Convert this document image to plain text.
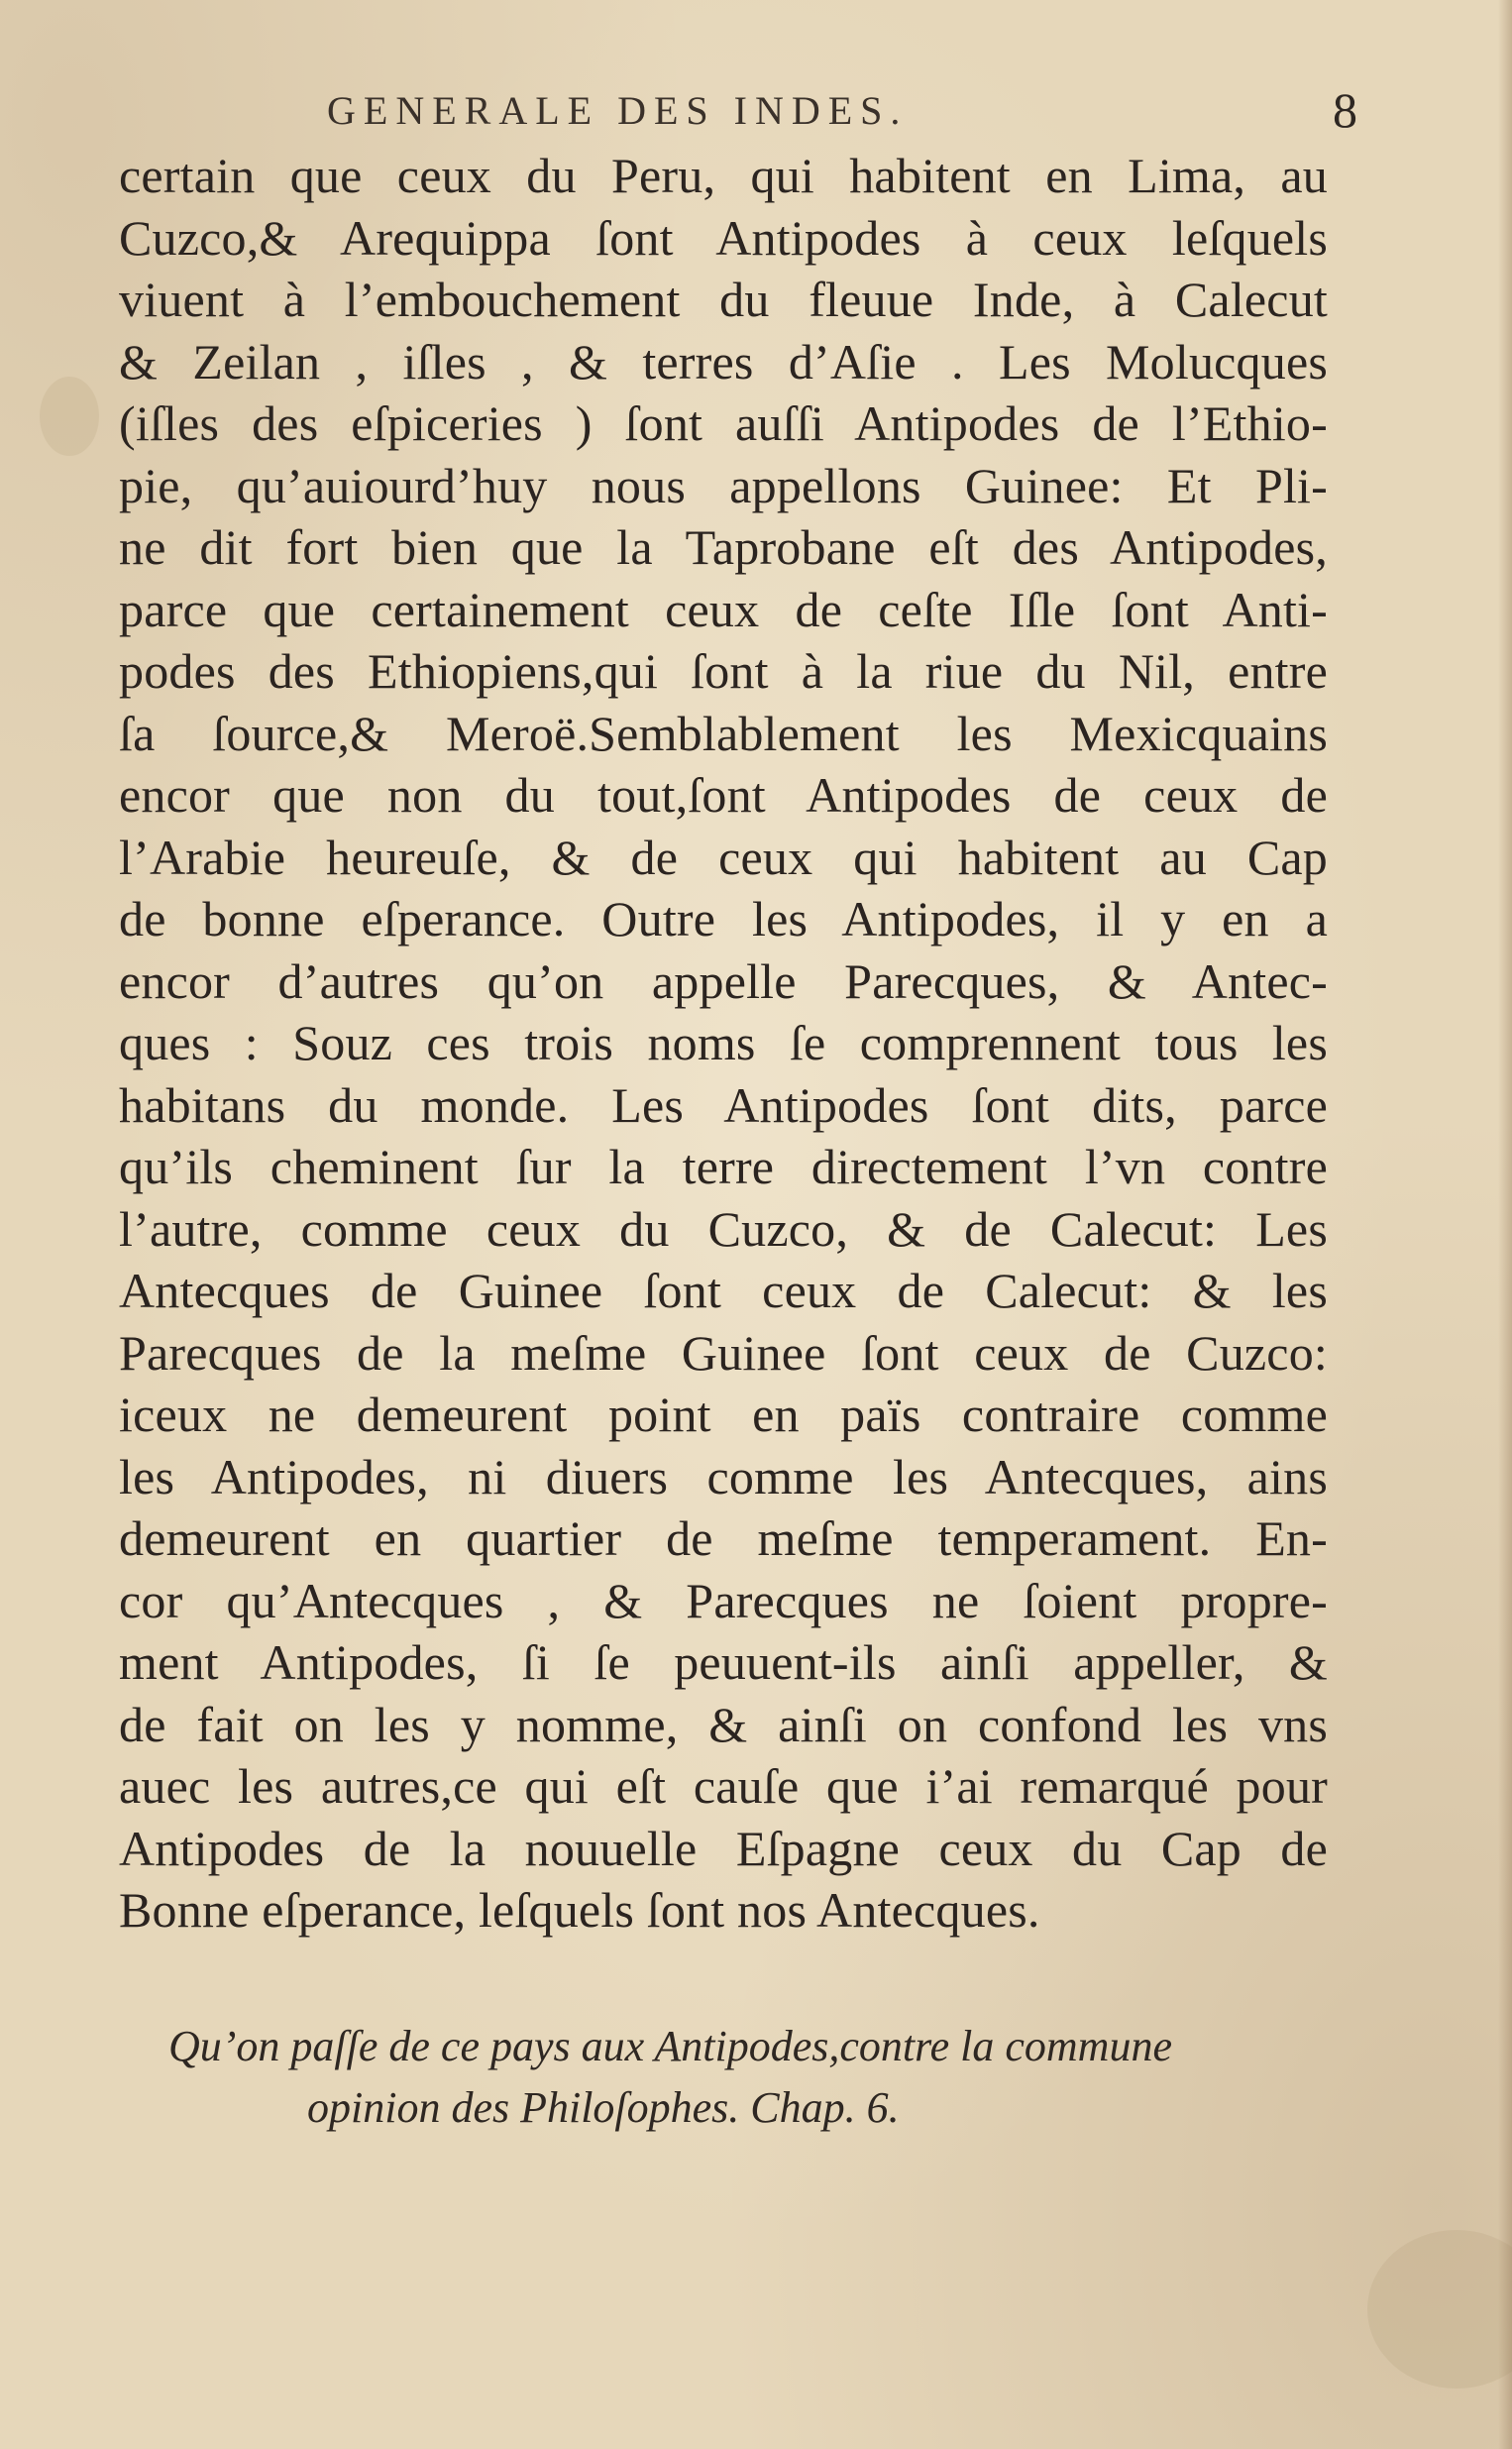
GENERALE DES INDES.	8
certain que ceux du Peru, qui habitent en Lima, au
Cuzco,& Arequippa ſont Antipodes à ceux leſquels
viuent à l’embouchement du fleuue Inde, à Calecut
& Zeilan , iſles , & terres d’Aſie . Les Molucques
(iſles des eſpiceries ) ſont auſſi Antipodes de l’Ethio-
pie, qu’auiourd’huy nous appellons Guinee: Et Pli-
ne dit fort bien que la Taprobane eſt des Antipodes,
parce que certainement ceux de ceſte Iſle ſont Anti-
podes des Ethiopiens,qui ſont à la riue du Nil, entre
ſa ſource,& Meroë.Semblablement les Mexicquains
encor que non du tout,ſont Antipodes de ceux de
l’Arabie heureuſe, & de ceux qui habitent au Cap
de bonne eſperance. Outre les Antipodes, il y en a
encor d’autres qu’on appelle Parecques, & Antec-
ques : Souz ces trois noms ſe comprennent tous les
habitans du monde. Les Antipodes ſont dits, parce
qu’ils cheminent ſur la terre directement l’vn contre
l’autre, comme ceux du Cuzco, & de Calecut: Les
Antecques de Guinee ſont ceux de Calecut: & les
Parecques de la meſme Guinee ſont ceux de Cuzco:
iceux ne demeurent point en païs contraire comme
les Antipodes, ni diuers comme les Antecques, ains
demeurent en quartier de meſme temperament. En-
cor qu’Antecques , & Parecques ne ſoient propre-
ment Antipodes, ſi ſe peuuent-ils ainſi appeller, &
de fait on les y nomme, & ainſi on confond les vns
auec les autres,ce qui eſt cauſe que i’ai remarqué pour
Antipodes de la nouuelle Eſpagne ceux du Cap de
Bonne eſperance, leſquels ſont nos Antecques.
Qu’on paſſe de ce pays aux Antipodes,contre la commune
opinion des Philoſophes. Chap. 6.
